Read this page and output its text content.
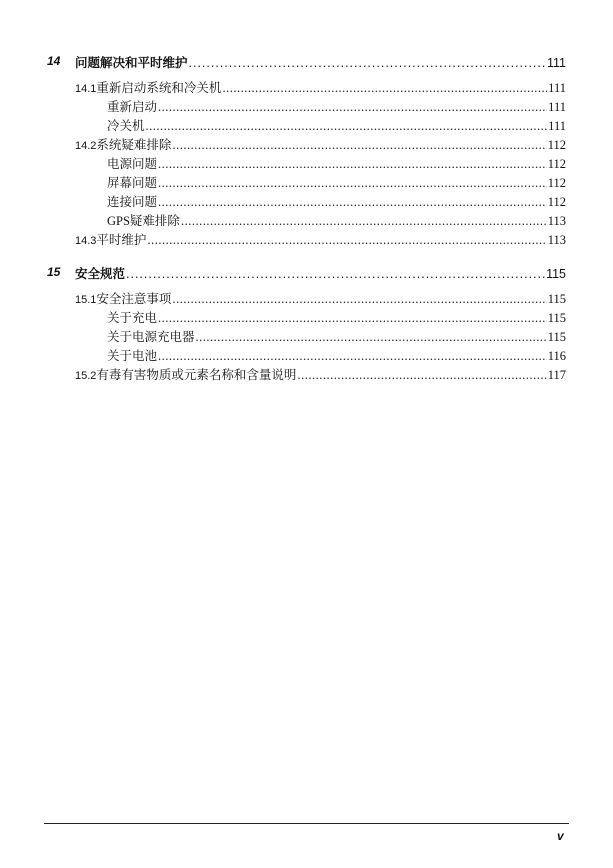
14	问题解决和平时维护 .....	111
14.1 重新启动系统和冷关机 .....	111
重新启动 .....	111
冷关机 .....	111
14.2 系统疑难排除 .....	112
电源问题 .....	112
屏幕问题 .....	112
连接问题 .....	112
GPS疑难排除 .....	113
14.3 平时维护 .....	113
15	安全规范 .....	115
15.1 安全注意事项 .....	115
关于充电 .....	115
关于电源充电器 .....	115
关于电池 .....	116
15.2 有毒有害物质或元素名称和含量说明 .....	117
v
